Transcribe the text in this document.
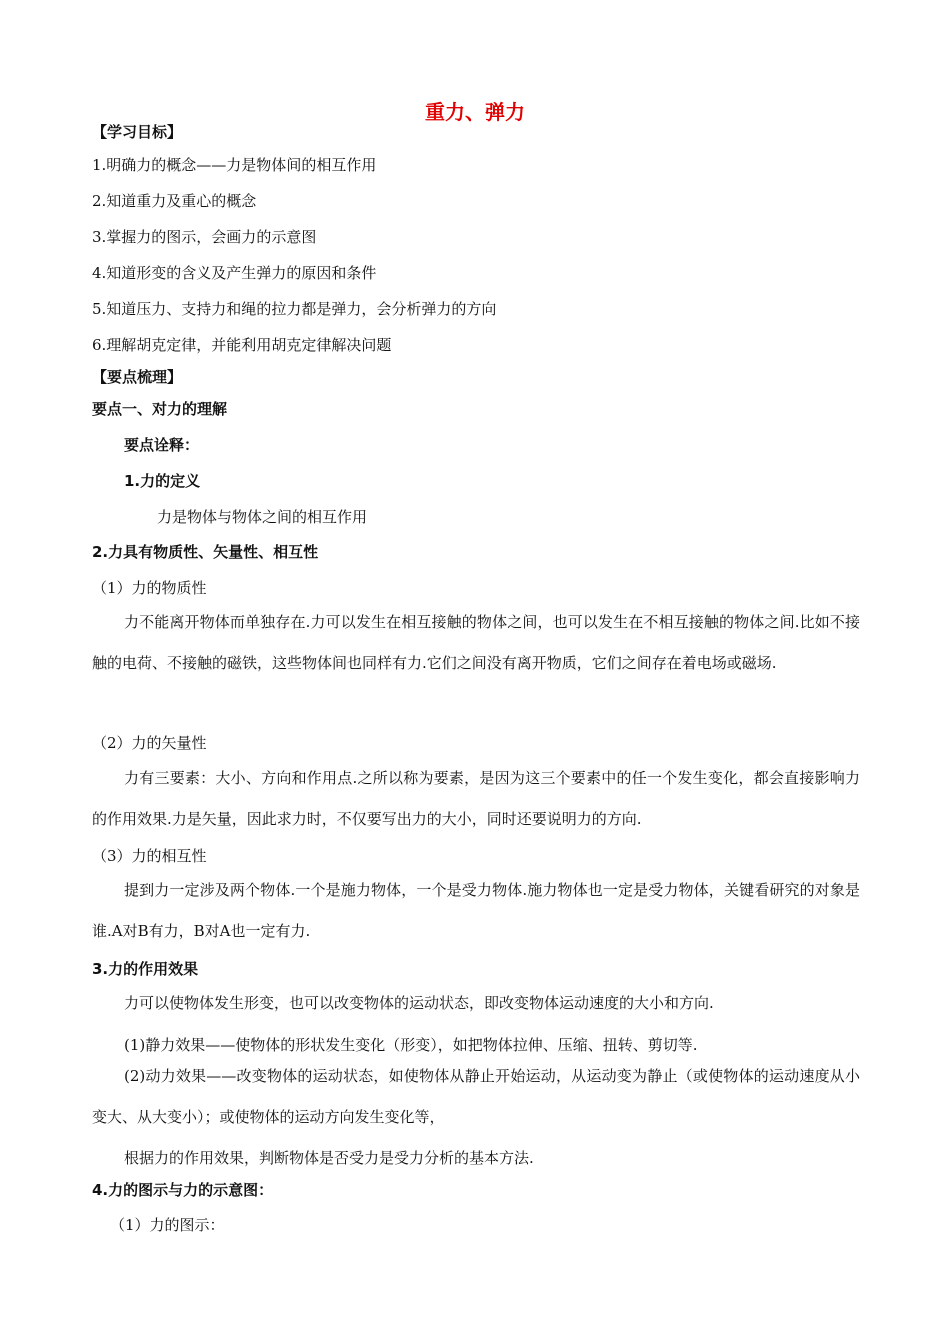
重力、弹力
【学习目标】
1.明确力的概念——力是物体间的相互作用
2.知道重力及重心的概念
3.掌握力的图示，会画力的示意图
4.知道形变的含义及产生弹力的原因和条件
5.知道压力、支持力和绳的拉力都是弹力，会分析弹力的方向
6.理解胡克定律，并能利用胡克定律解决问题
【要点梳理】
要点一、对力的理解
要点诠释：
1.力的定义
力是物体与物体之间的相互作用
2.力具有物质性、矢量性、相互性
（1）力的物质性

力不能离开物体而单独存在.力可以发生在相互接触的物体之间，也可以发生在不相互接触的物体之间.比如不接触的电荷、不接触的磁铁，这些物体间也同样有力.它们之间没有离开物质，它们之间存在着电场或磁场.

（2）力的矢量性

力有三要素：大小、方向和作用点.之所以称为要素，是因为这三个要素中的任一个发生变化，都会直接影响力的作用效果.力是矢量，因此求力时，不仅要写出力的大小，同时还要说明力的方向.

（3）力的相互性

提到力一定涉及两个物体.一个是施力物体，一个是受力物体.施力物体也一定是受力物体，关键看研究的对象是谁.A对B有力，B对A也一定有力.

3.力的作用效果

力可以使物体发生形变，也可以改变物体的运动状态，即改变物体运动速度的大小和方向.

(1)静力效果——使物体的形状发生变化（形变），如把物体拉伸、压缩、扭转、剪切等.

(2)动力效果——改变物体的运动状态，如使物体从静止开始运动，从运动变为静止（或使物体的运动速度从小变大、从大变小）；或使物体的运动方向发生变化等，

根据力的作用效果，判断物体是否受力是受力分析的基本方法.

4.力的图示与力的示意图：
（1）力的图示：
